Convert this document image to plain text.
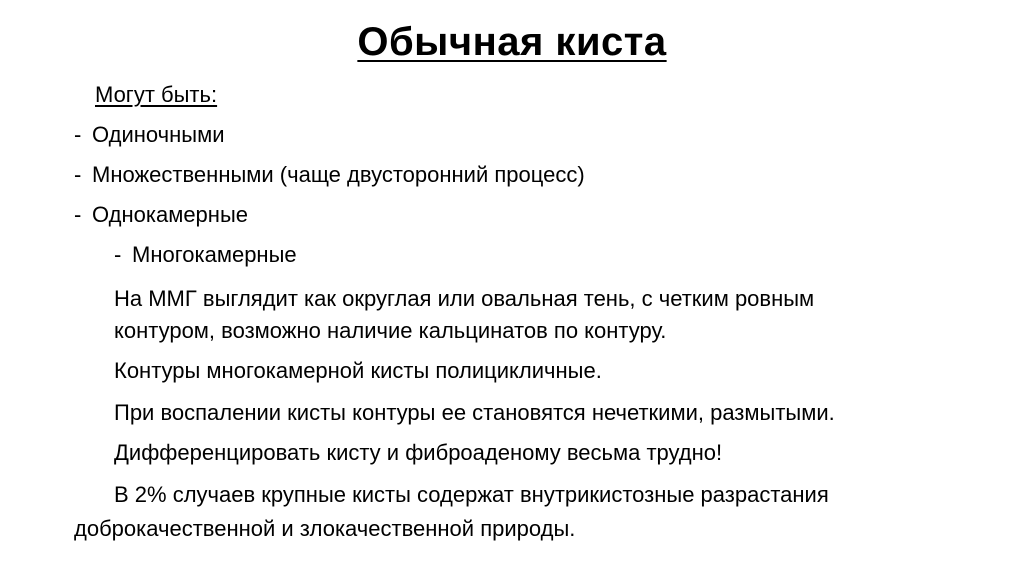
Обычная киста
Могут быть:
- Одиночными
- Множественными (чаще двусторонний процесс)
- Однокамерные
- Многокамерные
На ММГ выглядит как округлая или овальная тень, с четким ровным
контуром, возможно наличие кальцинатов по контуру.
Контуры многокамерной кисты полицикличные.
При воспалении кисты контуры ее становятся нечеткими, размытыми.
Дифференцировать кисту и фиброаденому весьма трудно!
В 2% случаев крупные кисты содержат внутрикистозные разрастания
доброкачественной и злокачественной природы.
